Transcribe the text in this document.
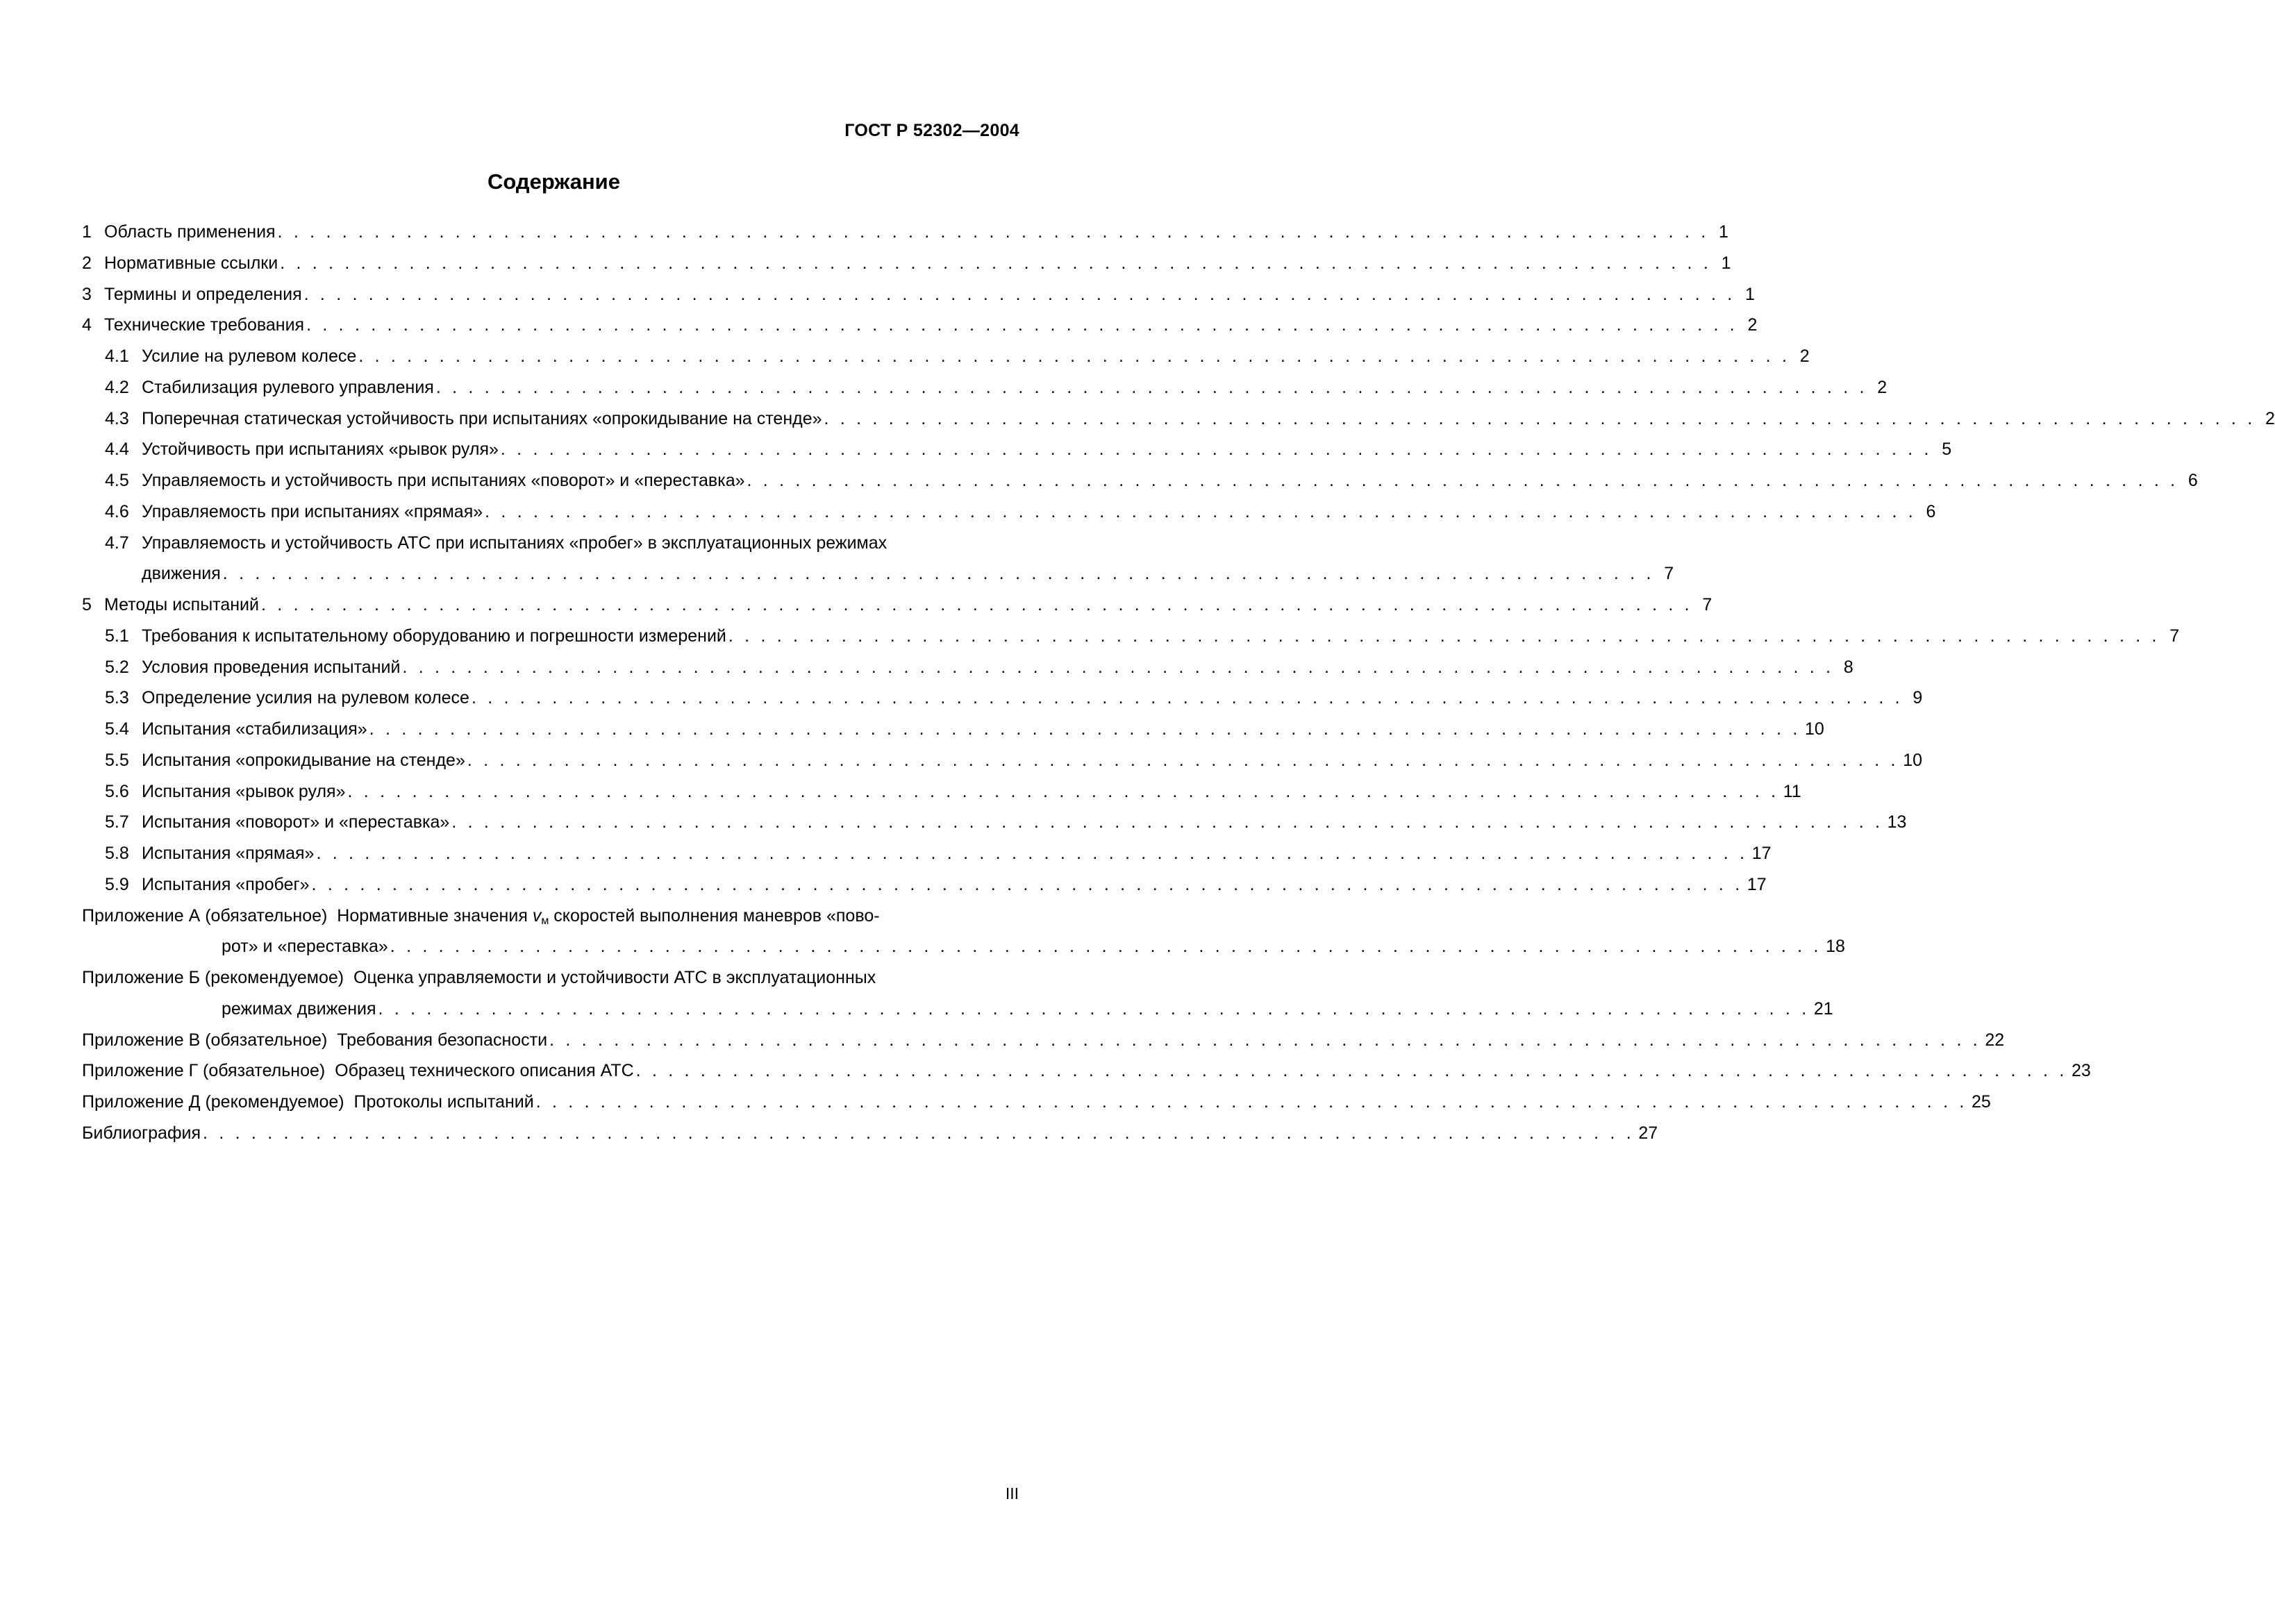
ГОСТ Р 52302—2004
Содержание
1 Область применения . . . . . . . . . . . . . . . . . . . . . . . . . . . . . . . . . . . . . . . . . . . . . . . . . . . . . . . . . . . . . . . . . . . . . . . . . . . . . . . . . . . . . . . . . 1
2 Нормативные ссылки . . . . . . . . . . . . . . . . . . . . . . . . . . . . . . . . . . . . . . . . . . . . . . . . . . . . . . . . . . . . . . . . . . . . . . . . . . . . . . . . . . . . . . . . . 1
3 Термины и определения . . . . . . . . . . . . . . . . . . . . . . . . . . . . . . . . . . . . . . . . . . . . . . . . . . . . . . . . . . . . . . . . . . . . . . . . . . . . . . . . . . . . . . . . . 1
4 Технические требования . . . . . . . . . . . . . . . . . . . . . . . . . . . . . . . . . . . . . . . . . . . . . . . . . . . . . . . . . . . . . . . . . . . . . . . . . . . . . . . . . . . . . . . . . 2
4.1 Усилие на рулевом колесе . . . . . . . . . . . . . . . . . . . . . . . . . . . . . . . . . . . . . . . . . . . . . . . . . . . . . . . . . . . . . . . . . . . . . . . . . . . . . . . . . . . . . . . . . 2
4.2 Стабилизация рулевого управления . . . . . . . . . . . . . . . . . . . . . . . . . . . . . . . . . . . . . . . . . . . . . . . . . . . . . . . . . . . . . . . . . . . . . . . . . . . . . . . . . . . . . . . . . 2
4.3 Поперечная статическая устойчивость при испытаниях «опрокидывание на стенде» . . . . . . . . . . . . . . . . . . . . . . . . . . . . . . . . . . . . . . . . . . . . . . . . . . . . . . . . . . . . . . . . . . . . . . . . . . . . . . . . . . . . . . . . . 2
4.4 Устойчивость при испытаниях «рывок руля» . . . . . . . . . . . . . . . . . . . . . . . . . . . . . . . . . . . . . . . . . . . . . . . . . . . . . . . . . . . . . . . . . . . . . . . . . . . . . . . . . . . . . . . . . 5
4.5 Управляемость и устойчивость при испытаниях «поворот» и «переставка» . . . . . . . . . . . . . . . . . . . . . . . . . . . . . . . . . . . . . . . . . . . . . . . . . . . . . . . . . . . . . . . . . . . . . . . . . . . . . . . . . . . . . . . . . 6
4.6 Управляемость при испытаниях «прямая» . . . . . . . . . . . . . . . . . . . . . . . . . . . . . . . . . . . . . . . . . . . . . . . . . . . . . . . . . . . . . . . . . . . . . . . . . . . . . . . . . . . . . . . . . 6
4.7 Управляемость и устойчивость АТС при испытаниях «пробег» в эксплуатационных режимах
движения . . . . . . . . . . . . . . . . . . . . . . . . . . . . . . . . . . . . . . . . . . . . . . . . . . . . . . . . . . . . . . . . . . . . . . . . . . . . . . . . . . . . . . . . . 7
5 Методы испытаний . . . . . . . . . . . . . . . . . . . . . . . . . . . . . . . . . . . . . . . . . . . . . . . . . . . . . . . . . . . . . . . . . . . . . . . . . . . . . . . . . . . . . . . . . 7
5.1 Требования к испытательному оборудованию и погрешности измерений . . . . . . . . . . . . . . . . . . . . . . . . . . . . . . . . . . . . . . . . . . . . . . . . . . . . . . . . . . . . . . . . . . . . . . . . . . . . . . . . . . . . . . . . . 7
5.2 Условия проведения испытаний . . . . . . . . . . . . . . . . . . . . . . . . . . . . . . . . . . . . . . . . . . . . . . . . . . . . . . . . . . . . . . . . . . . . . . . . . . . . . . . . . . . . . . . . . 8
5.3 Определение усилия на рулевом колесе . . . . . . . . . . . . . . . . . . . . . . . . . . . . . . . . . . . . . . . . . . . . . . . . . . . . . . . . . . . . . . . . . . . . . . . . . . . . . . . . . . . . . . . . . 9
5.4 Испытания «стабилизация» . . . . . . . . . . . . . . . . . . . . . . . . . . . . . . . . . . . . . . . . . . . . . . . . . . . . . . . . . . . . . . . . . . . . . . . . . . . . . . . . . . . . . . . . . 10
5.5 Испытания «опрокидывание на стенде» . . . . . . . . . . . . . . . . . . . . . . . . . . . . . . . . . . . . . . . . . . . . . . . . . . . . . . . . . . . . . . . . . . . . . . . . . . . . . . . . . . . . . . . . . 10
5.6 Испытания «рывок руля» . . . . . . . . . . . . . . . . . . . . . . . . . . . . . . . . . . . . . . . . . . . . . . . . . . . . . . . . . . . . . . . . . . . . . . . . . . . . . . . . . . . . . . . . . 11
5.7 Испытания «поворот» и «переставка» . . . . . . . . . . . . . . . . . . . . . . . . . . . . . . . . . . . . . . . . . . . . . . . . . . . . . . . . . . . . . . . . . . . . . . . . . . . . . . . . . . . . . . . . . 13
5.8 Испытания «прямая» . . . . . . . . . . . . . . . . . . . . . . . . . . . . . . . . . . . . . . . . . . . . . . . . . . . . . . . . . . . . . . . . . . . . . . . . . . . . . . . . . . . . . . . . . 17
5.9 Испытания «пробег» . . . . . . . . . . . . . . . . . . . . . . . . . . . . . . . . . . . . . . . . . . . . . . . . . . . . . . . . . . . . . . . . . . . . . . . . . . . . . . . . . . . . . . . . . 17
Приложение А (обязательное) Нормативные значения $v_м$ скоростей выполнения маневров «пово-
рот» и «переставка» . . . . . . . . . . . . . . . . . . . . . . . . . . . . . . . . . . . . . . . . . . . . . . . . . . . . . . . . . . . . . . . . . . . . . . . . . . . . . . . . . . . . . . . . . 18
Приложение Б (рекомендуемое) Оценка управляемости и устойчивости АТС в эксплуатационных
режимах движения . . . . . . . . . . . . . . . . . . . . . . . . . . . . . . . . . . . . . . . . . . . . . . . . . . . . . . . . . . . . . . . . . . . . . . . . . . . . . . . . . . . . . . . . . 21
Приложение В (обязательное) Требования безопасности . . . . . . . . . . . . . . . . . . . . . . . . . . . . . . . . . . . . . . . . . . . . . . . . . . . . . . . . . . . . . . . . . . . . . . . . . . . . . . . . . . . . . . . . . 22
Приложение Г (обязательное) Образец технического описания АТС . . . . . . . . . . . . . . . . . . . . . . . . . . . . . . . . . . . . . . . . . . . . . . . . . . . . . . . . . . . . . . . . . . . . . . . . . . . . . . . . . . . . . . . . . 23
Приложение Д (рекомендуемое) Протоколы испытаний . . . . . . . . . . . . . . . . . . . . . . . . . . . . . . . . . . . . . . . . . . . . . . . . . . . . . . . . . . . . . . . . . . . . . . . . . . . . . . . . . . . . . . . . . 25
Библиография . . . . . . . . . . . . . . . . . . . . . . . . . . . . . . . . . . . . . . . . . . . . . . . . . . . . . . . . . . . . . . . . . . . . . . . . . . . . . . . . . . . . . . . . . 27
III
